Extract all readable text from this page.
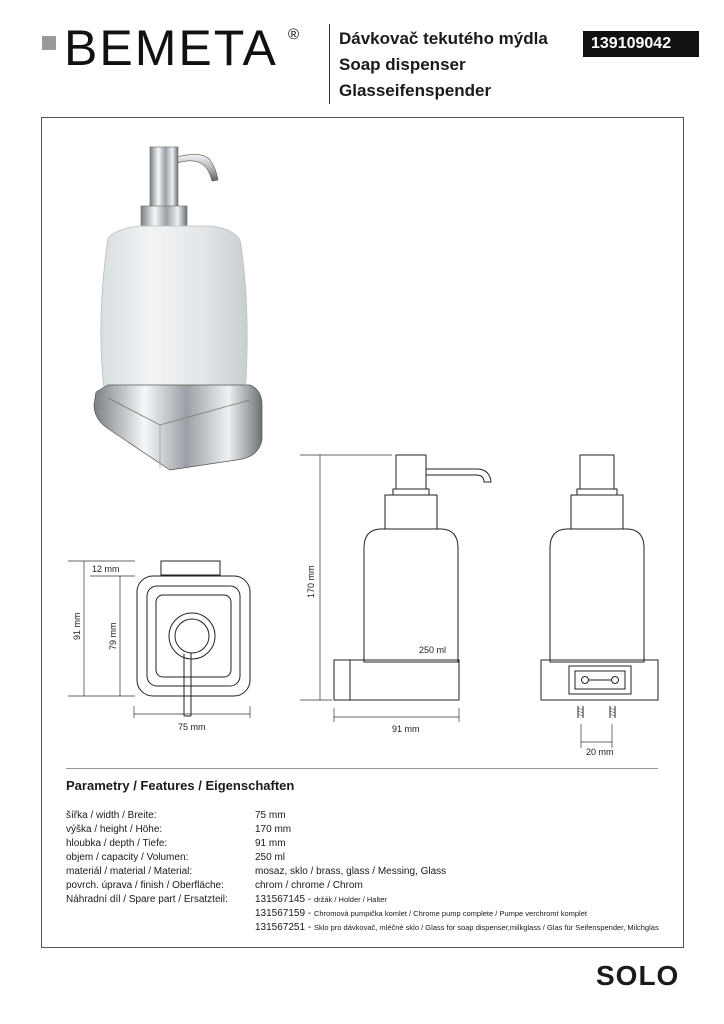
BEMETA ® Dávkovač tekutého mýdla
Soap dispenser
Glasseifenspender
139109042
12 mm
91 mm	79 mm
75 mm
250 ml
170 mm
91 mm
20 mm
Parametry / Features / Eigenschaften
šířka / width / Breite:	75 mm
výška / height / Höhe:	170 mm
hloubka / depth / Tiefe:	91 mm
objem / capacity / Volumen:	250 ml
materiál / material / Material:	mosaz, sklo / brass, glass / Messing, Glass
povrch. úprava / finish / Oberfläche:	chrom / chrome / Chrom
Náhradní díl / Spare part / Ersatzteil:	131567145 - držák / Holder / Halter
131567159 - Chromová pumpička komlet / Chrome pump complete / Pumpe verchromt komplet
131567251 - Sklo pro dávkovač, mléčné sklo / Glass for soap dispenser,milkglass / Glas für Seifenspender, Milchglas
SOLO
